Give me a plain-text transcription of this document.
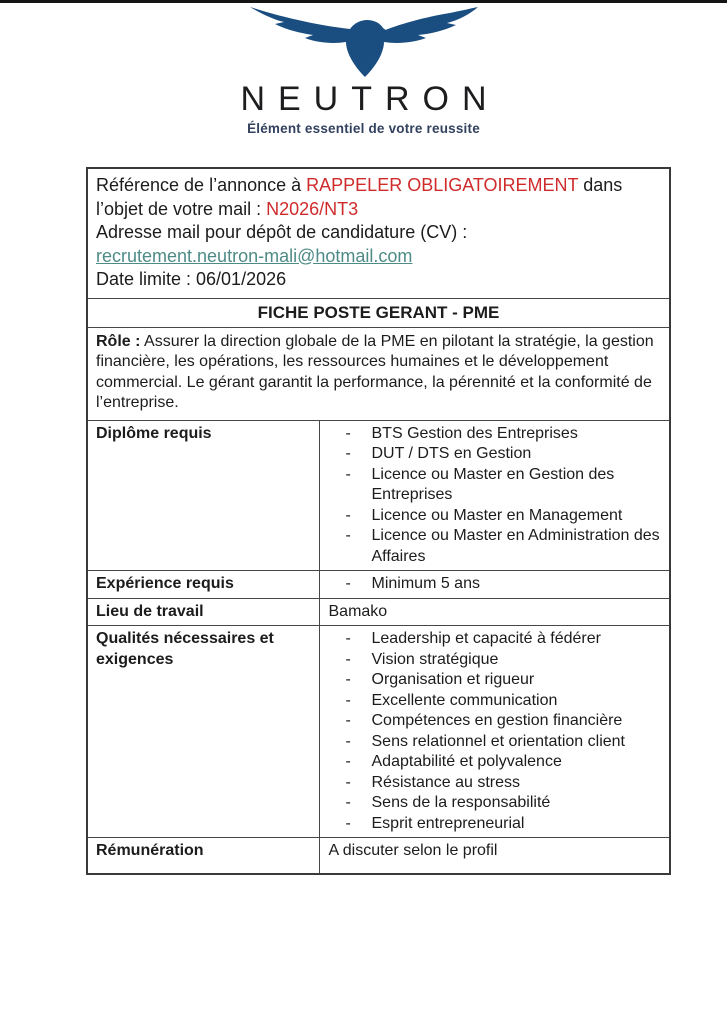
NEUTRON
Élément essentiel de votre reussite
Référence de l’annonce à RAPPELER OBLIGATOIREMENT dans
l’objet de votre mail : N2026/NT3
Adresse mail pour dépôt de candidature (CV) :
recrutement.neutron-mali@hotmail.com
Date limite : 06/01/2026	

FICHE POSTE GERANT - PME	
Rôle : Assurer la direction globale de la PME en pilotant la stratégie, la gestion financière, les opérations, les ressources humaines et le développement commercial. Le gérant garantit la performance, la pérennité et la conformité de l’entreprise.	
Diplôme requis	-	BTS Gestion des Entreprises
-	DUT / DTS en Gestion
-	Licence ou Master en Gestion des Entreprises
-	Licence ou Master en Management
-	Licence ou Master en Administration des Affaires

Expérience requis	- Minimum 5 ans

Lieu de travail	Bamako

Qualités nécessaires et exigences	
-	Leadership et capacité à fédérer
-	Vision stratégique
-	Organisation et rigueur
-	Excellente communication
-	Compétences en gestion financière
-	Sens relationnel et orientation client
-	Adaptabilité et polyvalence
-	Résistance au stress
-	Sens de la responsabilité
-	Esprit entrepreneurial

Rémunération	A discuter selon le profil
